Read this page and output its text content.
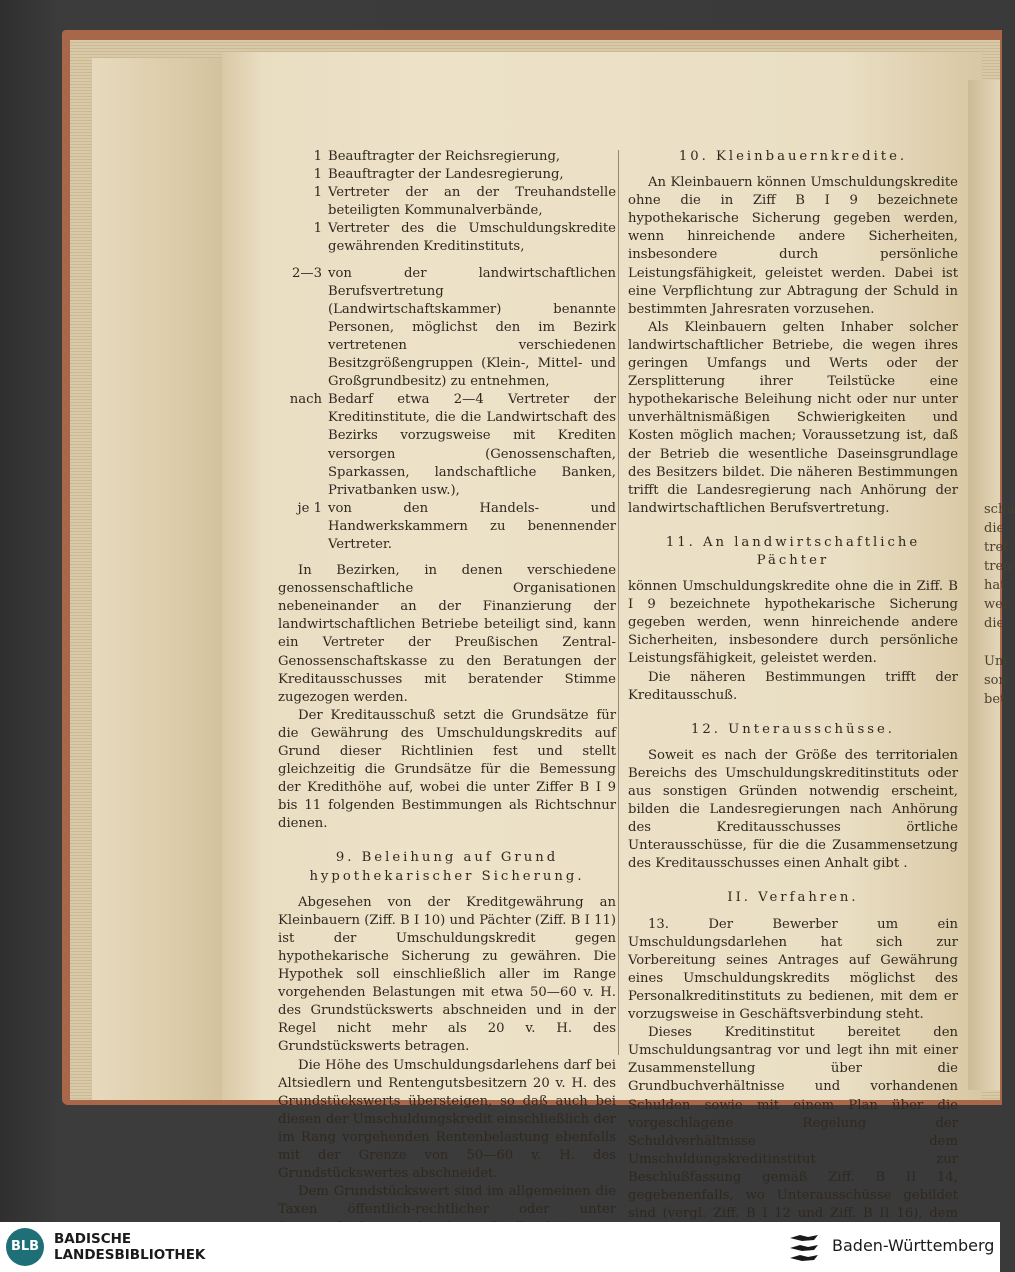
schu
die
tref
treu
hat
wer
die

Um
son
bet
1 Beauftragter der Reichsregierung,
1 Beauftragter der Landesregierung,
1 Vertreter der an der Treuhandstelle beteiligten Kommunalverbände,
1 Vertreter des die Umschuldungskredite gewährenden Kreditinstituts,
2—3 von der landwirtschaftlichen Berufsvertretung (Landwirtschaftskammer) benannte Personen, möglichst den im Bezirk vertretenen verschiedenen Besitzgrößengruppen (Klein-, Mittel- und Großgrundbesitz) zu entnehmen,
nach Bedarf etwa 2—4 Vertreter der Kreditinstitute, die die Landwirtschaft des Bezirks vorzugsweise mit Krediten versorgen (Genossenschaften, Sparkassen, landschaftliche Banken, Privatbanken usw.),
je 1 von den Handels- und Handwerkskammern zu benennender Vertreter.

In Bezirken, in denen verschiedene genossenschaftliche Organisationen nebeneinander an der Finanzierung der landwirtschaftlichen Betriebe beteiligt sind, kann ein Vertreter der Preußischen Zentral-Genossenschaftskasse zu den Beratungen der Kreditausschusses mit beratender Stimme zugezogen werden.

Der Kreditausschuß setzt die Grundsätze für die Gewährung des Umschuldungskredits auf Grund dieser Richtlinien fest und stellt gleichzeitig die Grundsätze für die Bemessung der Kredithöhe auf, wobei die unter Ziffer B I 9 bis 11 folgenden Bestimmungen als Richtschnur dienen.

9. Beleihung auf Grund hypothekarischer Sicherung.

Abgesehen von der Kreditgewährung an Kleinbauern (Ziff. B I 10) und Pächter (Ziff. B I 11) ist der Umschuldungskredit gegen hypothekarische Sicherung zu gewähren. Die Hypothek soll einschließlich aller im Range vorgehenden Belastungen mit etwa 50—60 v. H. des Grundstückswerts abschneiden und in der Regel nicht mehr als 20 v. H. des Grundstückswerts betragen.

Die Höhe des Umschuldungsdarlehens darf bei Altsiedlern und Rentengutsbesitzern 20 v. H. des Grundstückswerts übersteigen, so daß auch bei diesen der Umschuldungskredit einschließlich der im Rang vorgehenden Rentenbelastung ebenfalls mit der Grenze von 50—60 v. H. des Grundstückswertes abschneidet.

Dem Grundstückswert sind im allgemeinen die Taxen öffentlich-rechtlicher oder unter

10. Kleinbauernkredite.

An Kleinbauern können Umschuldungskredite ohne die in Ziff B I 9 bezeichnete hypothekarische Sicherung gegeben werden, wenn hinreichende andere Sicherheiten, insbesondere durch persönliche Leistungsfähigkeit, geleistet werden. Dabei ist eine Verpflichtung zur Abtragung der Schuld in bestimmten Jahresraten vorzusehen.

Als Kleinbauern gelten Inhaber solcher landwirtschaftlicher Betriebe, die wegen ihres geringen Umfangs und Werts oder der Zersplitterung ihrer Teilstücke eine hypothekarische Beleihung nicht oder nur unter unverhältnismäßigen Schwierigkeiten und Kosten möglich machen; Voraussetzung ist, daß der Betrieb die wesentliche Daseinsgrundlage des Besitzers bildet. Die näheren Bestimmungen trifft die Landesregierung nach Anhörung der landwirtschaftlichen Berufsvertretung.

11. An landwirtschaftliche Pächter

können Umschuldungskredite ohne die in Ziff. B I 9 bezeichnete hypothekarische Sicherung gegeben werden, wenn hinreichende andere Sicherheiten, insbesondere durch persönliche Leistungsfähigkeit, geleistet werden.

Die näheren Bestimmungen trifft der Kreditausschuß.

12. Unterausschüsse.

Soweit es nach der Größe des territorialen Bereichs des Umschuldungskreditinstituts oder aus sonstigen Gründen notwendig erscheint, bilden die Landesregierungen nach Anhörung des Kreditausschusses örtliche Unterausschüsse, für die die Zusammensetzung des Kreditausschusses einen Anhalt gibt .

II. Verfahren.

13. Der Bewerber um ein Umschuldungsdarlehen hat sich zur Vorbereitung seines Antrages auf Gewährung eines Umschuldungskredits möglichst des Personalkreditinstituts zu bedienen, mit dem er vorzugsweise in Geschäftsverbindung steht.

Dieses Kreditinstitut bereitet den Umschuldungsantrag vor und legt ihn mit einer Zusammenstellung über die Grundbuchverhältnisse und vorhandenen Schulden sowie mit einem Plan über die vorgeschlagene Regelung der Schuldverhältnisse dem Umschuldungskreditinstitut zur Beschlußfassung gemäß Ziff. B II 14, gegebenenfalls, wo Unterausschüsse gebildet sind (vergl. Ziff. B I 12 und Ziff. B II 16), dem

BLB	BADISCHE
LANDESBIBLIOTHEK	Baden-Württemberg
